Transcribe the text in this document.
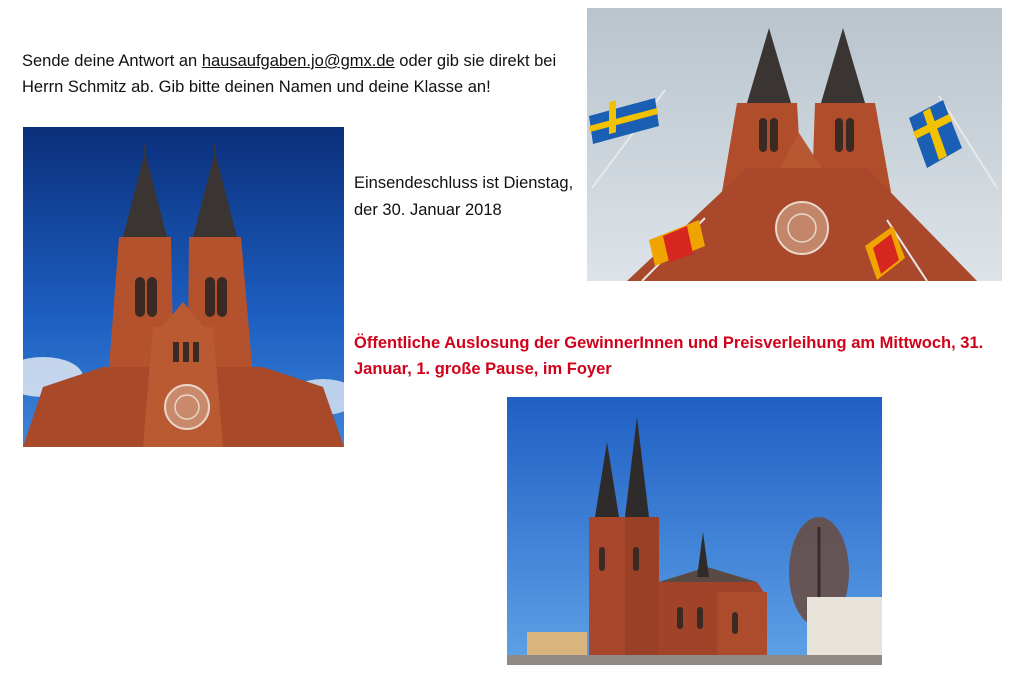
Sende deine Antwort an hausaufgaben.jo@gmx.de oder gib sie direkt bei Herrn Schmitz ab. Gib bitte deinen Namen und deine Klasse an!
Einsendeschluss ist Dienstag,
der 30. Januar 2018
Öffentliche Auslosung der GewinnerInnen und Preisverleihung am Mittwoch, 31. Januar, 1. große Pause, im Foyer
